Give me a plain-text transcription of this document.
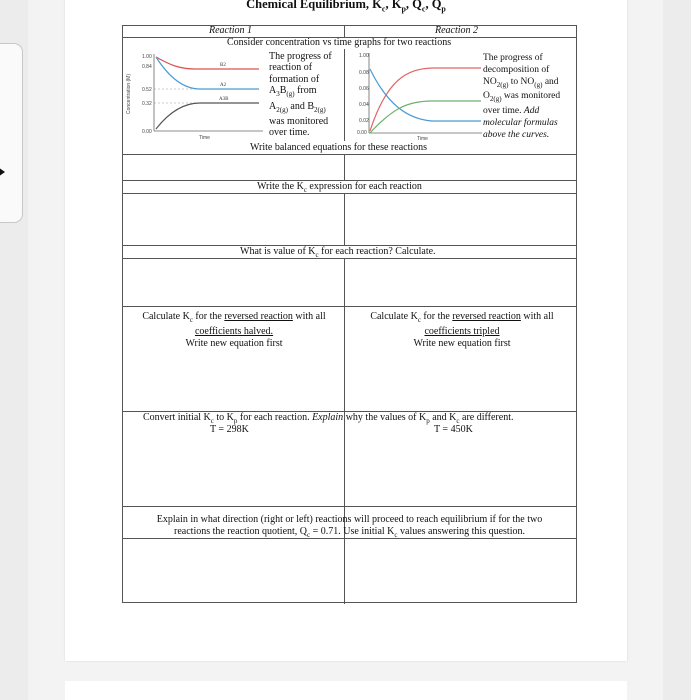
Chemical Equilibrium, $K_c$, $K_p$, $Q_c$, $Q_p$
Reaction 1	Reaction 2
Consider concentration vs time graphs for two reactions
Concentration (M)
1.00
0.84
0.52
0.32
0.00
B2
A2
A3B
Time
The progress of
reaction of
formation of
$A_3B_{(g)}$ from
$A_{2(g)}$ and $B_{2(g)}$
was monitored
over time.
1.00
0.08
0.06
0.04
0.02
0.00
Time
The progress of
decomposition of
$NO_{2(g)}$ to $NO_{(g)}$ and
$O_{2(g)}$ was monitored
over time. Add
molecular formulas
above the curves.
Write balanced equations for these reactions
Write the $K_c$ expression for each reaction
What is value of $K_c$ for each reaction? Calculate.
Calculate $K_c$ for the reversed reaction with all
coefficients halved.
Write new equation first
Calculate $K_c$ for the reversed reaction with all
coefficients tripled
Write new equation first
Convert initial $K_c$ to $K_p$ for each reaction. Explain why the values of $K_p$ and $K_c$ are different.
T = 298K	T = 450K
Explain in what direction (right or left) reactions will proceed to reach equilibrium if for the two
reactions the reaction quotient, $Q_c = 0.71$. Use initial $K_c$ values answering this question.
